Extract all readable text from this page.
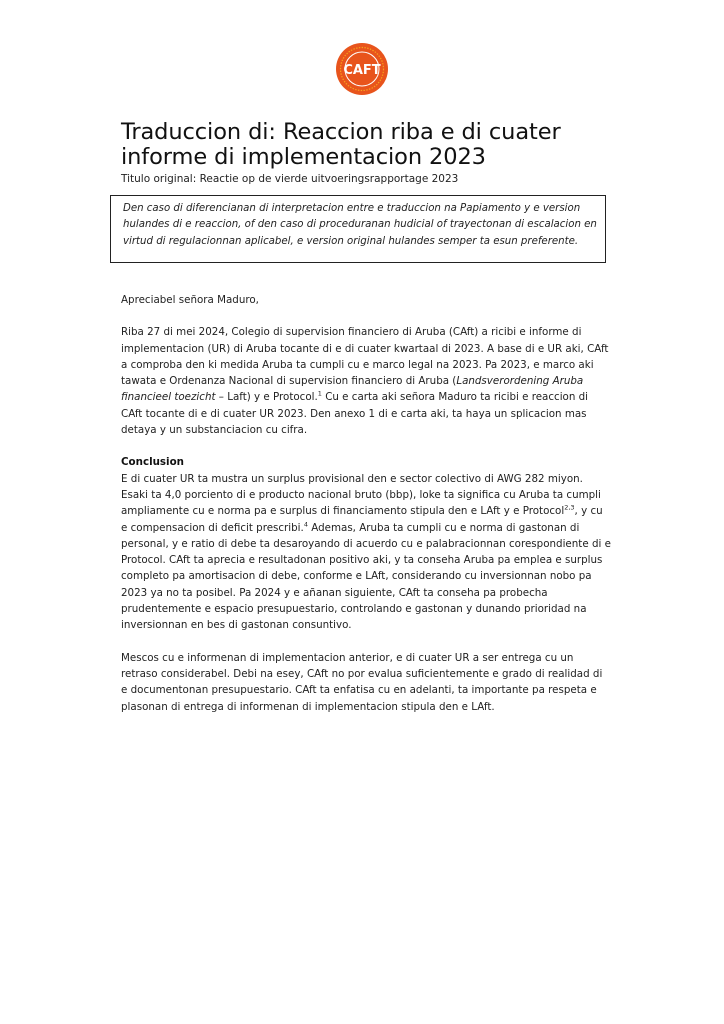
CAFT
Traduccion di: Reaccion riba e di cuater
informe di implementacion 2023
Titulo original: Reactie op de vierde uitvoeringsrapportage 2023

Den caso di diferencianan di interpretacion entre e traduccion na Papiamento y e version hulandes di e reaccion, of den caso di proceduranan hudicial of trayectonan di escalacion en virtud di regulacionnan aplicabel, e version original hulandes semper ta esun preferente.

Apreciabel señora Maduro,

Riba 27 di mei 2024, Colegio di supervision financiero di Aruba (CAft) a ricibi e informe di implementacion (UR) di Aruba tocante di e di cuater kwartaal di 2023. A base di e UR aki, CAft a comproba den ki medida Aruba ta cumpli cu e marco legal na 2023. Pa 2023, e marco aki tawata e Ordenanza Nacional di supervision financiero di Aruba (Landsverordening Aruba financieel toezicht – Laft) y e Protocol.$^1$ Cu e carta aki señora Maduro ta ricibi e reaccion di CAft tocante di e di cuater UR 2023. Den anexo 1 di e carta aki, ta haya un splicacion mas detaya y un substanciacion cu cifra.

Conclusion

E di cuater UR ta mustra un surplus provisional den e sector colectivo di AWG 282 miyon. Esaki ta 4,0 porciento di e producto nacional bruto (bbp), loke ta significa cu Aruba ta cumpli ampliamente cu e norma pa e surplus di financiamento stipula den e LAft y e Protocol$^{2,3}$, y cu e compensacion di deficit prescribi.$^4$ Ademas, Aruba ta cumpli cu e norma di gastonan di personal, y e ratio di debe ta desaroyando di acuerdo cu e palabracionnan corespondiente di e Protocol. CAft ta aprecia e resultadonan positivo aki, y ta conseha Aruba pa emplea e surplus completo pa amortisacion di debe, conforme e LAft, considerando cu inversionnan nobo pa 2023 ya no ta posibel. Pa 2024 y e añanan siguiente, CAft ta conseha pa probecha prudentemente e espacio presupuestario, controlando e gastonan y dunando prioridad na inversionnan en bes di gastonan consuntivo.

Mescos cu e informenan di implementacion anterior, e di cuater UR a ser entrega cu un retraso considerabel. Debi na esey, CAft no por evalua suficientemente e grado di realidad di e documentonan presupuestario. CAft ta enfatisa cu en adelanti, ta importante pa respeta e plasonan di entrega di informenan di implementacion stipula den e LAft.
